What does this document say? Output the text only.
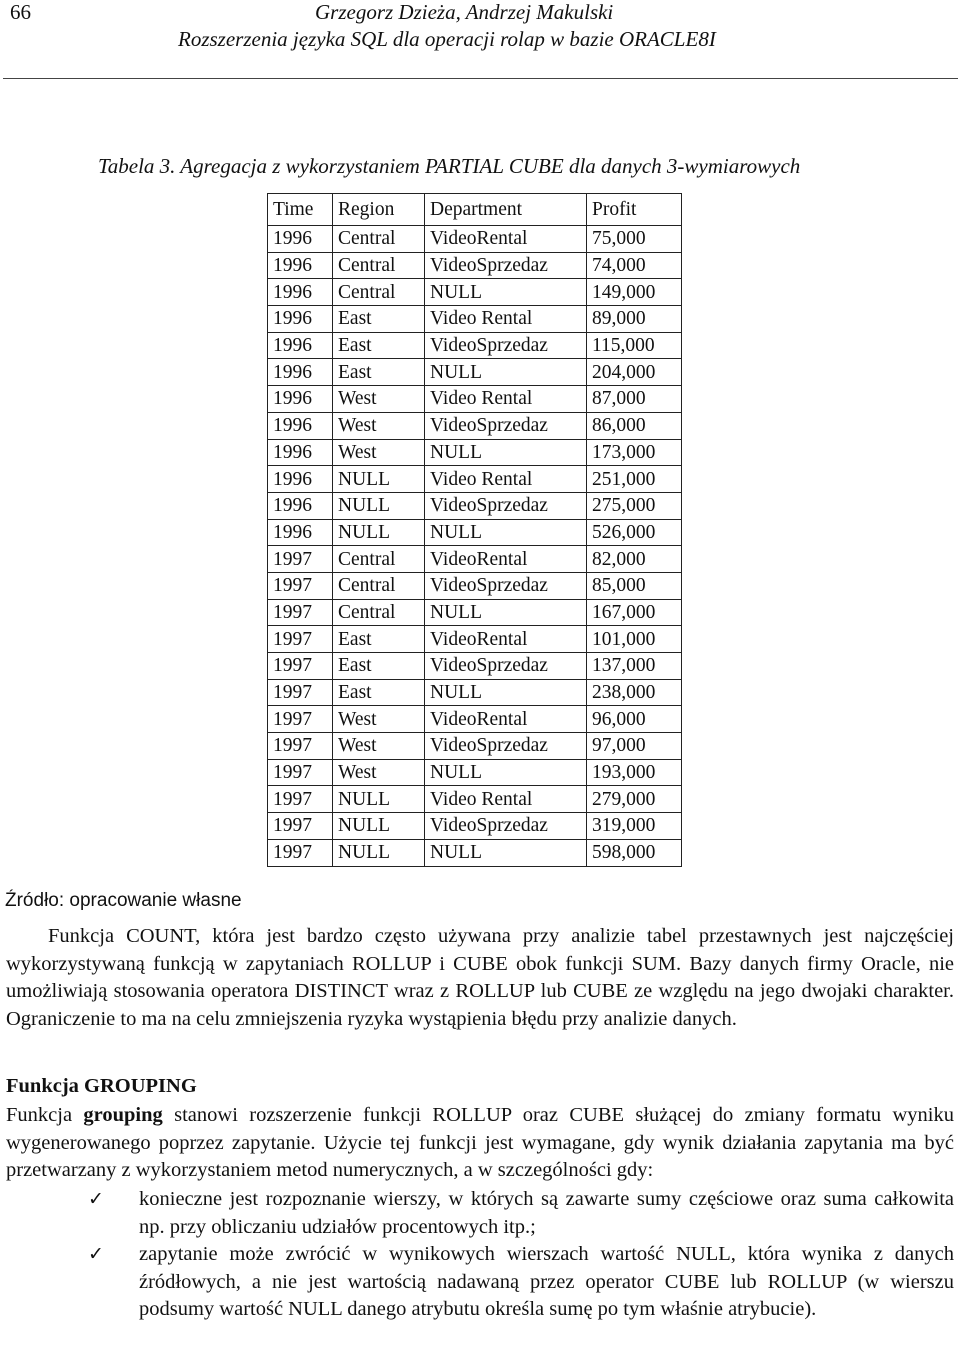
66	Grzegorz Dzieża, Andrzej Makulski
Rozszerzenia języka SQL dla operacji rolap w bazie ORACLE8I
Tabela 3. Agregacja z wykorzystaniem PARTIAL CUBE dla danych 3-wymiarowych
Time	Region	Department	Profit
1996	Central	VideoRental	75,000
1996	Central	VideoSprzedaz	74,000
1996	Central	NULL	149,000
1996	East	Video Rental	89,000
1996	East	VideoSprzedaz	115,000
1996	East	NULL	204,000
1996	West	Video Rental	87,000
1996	West	VideoSprzedaz	86,000
1996	West	NULL	173,000
1996	NULL	Video Rental	251,000
1996	NULL	VideoSprzedaz	275,000
1996	NULL	NULL	526,000
1997	Central	VideoRental	82,000
1997	Central	VideoSprzedaz	85,000
1997	Central	NULL	167,000
1997	East	VideoRental	101,000
1997	East	VideoSprzedaz	137,000
1997	East	NULL	238,000
1997	West	VideoRental	96,000
1997	West	VideoSprzedaz	97,000
1997	West	NULL	193,000
1997	NULL	Video Rental	279,000
1997	NULL	VideoSprzedaz	319,000
1997	NULL	NULL	598,000
Źródło: opracowanie własne
Funkcja COUNT, która jest bardzo często używana przy analizie tabel przestawnych jest najczęściej wykorzystywaną funkcją w zapytaniach ROLLUP i CUBE obok funkcji SUM. Bazy danych firmy Oracle, nie umożliwiają stosowania operatora DISTINCT wraz z ROLLUP lub CUBE ze względu na jego dwojaki charakter. Ograniczenie to ma na celu zmniejszenia ryzyka wystąpienia błędu przy analizie danych.
Funkcja GROUPING
Funkcja grouping stanowi rozszerzenie funkcji ROLLUP oraz CUBE służącej do zmiany formatu wyniku wygenerowanego poprzez zapytanie. Użycie tej funkcji jest wymagane, gdy wynik działania zapytania ma być przetwarzany z wykorzystaniem metod numerycznych, a w szczególności gdy:
✓ konieczne jest rozpoznanie wierszy, w których są zawarte sumy częściowe oraz suma całkowita np. przy obliczaniu udziałów procentowych itp.;
✓ zapytanie może zwrócić w wynikowych wierszach wartość NULL, która wynika z danych źródłowych, a nie jest wartością nadawaną przez operator CUBE lub ROLLUP (w wierszu podsumy wartość NULL danego atrybutu określa sumę po tym właśnie atrybucie).
